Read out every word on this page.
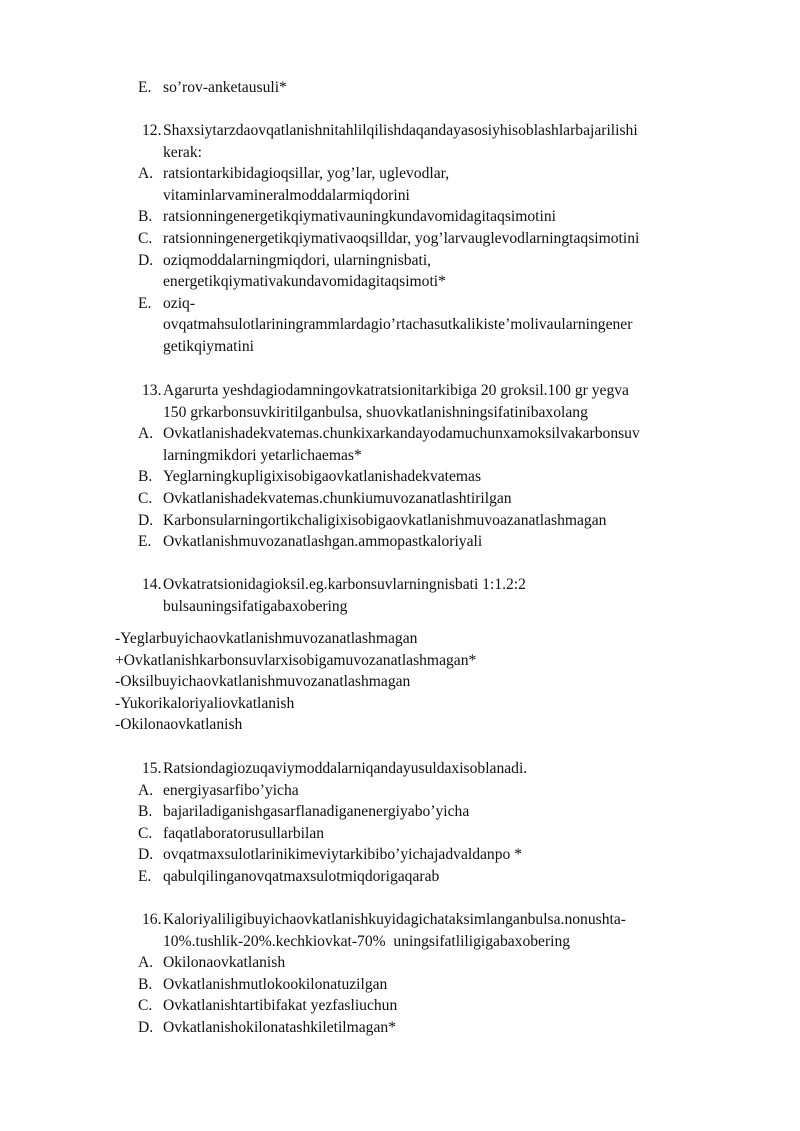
E. so’rov-anketausuli*
12. Shaxsiytarzdaovqatlanishnitahlilqilishdaqandayasosiyhisoblashlarbajarilishi
kerak:
A. ratsiontarkibidagioqsillar, yog’lar, uglevodlar,
vitaminlarvamineralmoddalarmiqdorini
B. ratsionningenergetikqiymativauningkundavomidagitaqsimotini
C. ratsionningenergetikqiymativaoqsilldar, yog’larvauglevodlarningtaqsimotini
D. oziqmoddalarningmiqdori, ularningnisbati,
energetikqiymativakundavomidagitaqsimoti*
E. oziq-
ovqatmahsulotlariningrammlardagio’rtachasutkalikiste’molivaularningener
getikqiymatini
13. Agarurta yeshdagiodamningovkatratsionitarkibiga 20 groksil.100 gr yegva
150 grkarbonsuvkiritilganbulsa, shuovkatlanishningsifatinibaxolang
A. Ovkatlanishadekvatemas.chunkixarkandayodamuchunxamoksilvakarbonsuv
larningmikdori yetarlichaemas*
B. Yeglarningkupligixisobigaovkatlanishadekvatemas
C. Ovkatlanishadekvatemas.chunkiumuvozanatlashtirilgan
D. Karbonsularningortikchaligixisobigaovkatlanishmuvoazanatlashmagan
E. Ovkatlanishmuvozanatlashgan.ammopastkaloriyali
14. Ovkatratsionidagioksil.eg.karbonsuvlarningnisbati 1:1.2:2
bulsauningsifatigabaxobering
-Yeglarbuyichaovkatlanishmuvozanatlashmagan
+Ovkatlanishkarbonsuvlarxisobigamuvozanatlashmagan*
-Oksilbuyichaovkatlanishmuvozanatlashmagan
-Yukorikaloriyaliovkatlanish
-Okilonaovkatlanish
15. Ratsiondagiozuqaviymoddalarniqandayusuldaxisoblanadi.
A. energiyasarfibo’yicha
B. bajariladiganishgasarflanadiganenergiyabo’yicha
C. faqatlaboratorusullarbilan
D. ovqatmaxsulotlarinikimeviytarkibibo’yichajadvaldanpo *
E. qabulqilinganovqatmaxsulotmiqdorigaqarab
16. Kaloriyaliligibuyichaovkatlanishkuyidagichataksimlanganbulsa.nonushta-
10%.tushlik-20%.kechkiovkat-70%  uningsifatliligigabaxobering
A. Okilonaovkatlanish
B. Ovkatlanishmutlokookilonatuzilgan
C. Ovkatlanishtartibifakat yezfasliuchun
D. Ovkatlanishokilonatashkiletilmagan*
